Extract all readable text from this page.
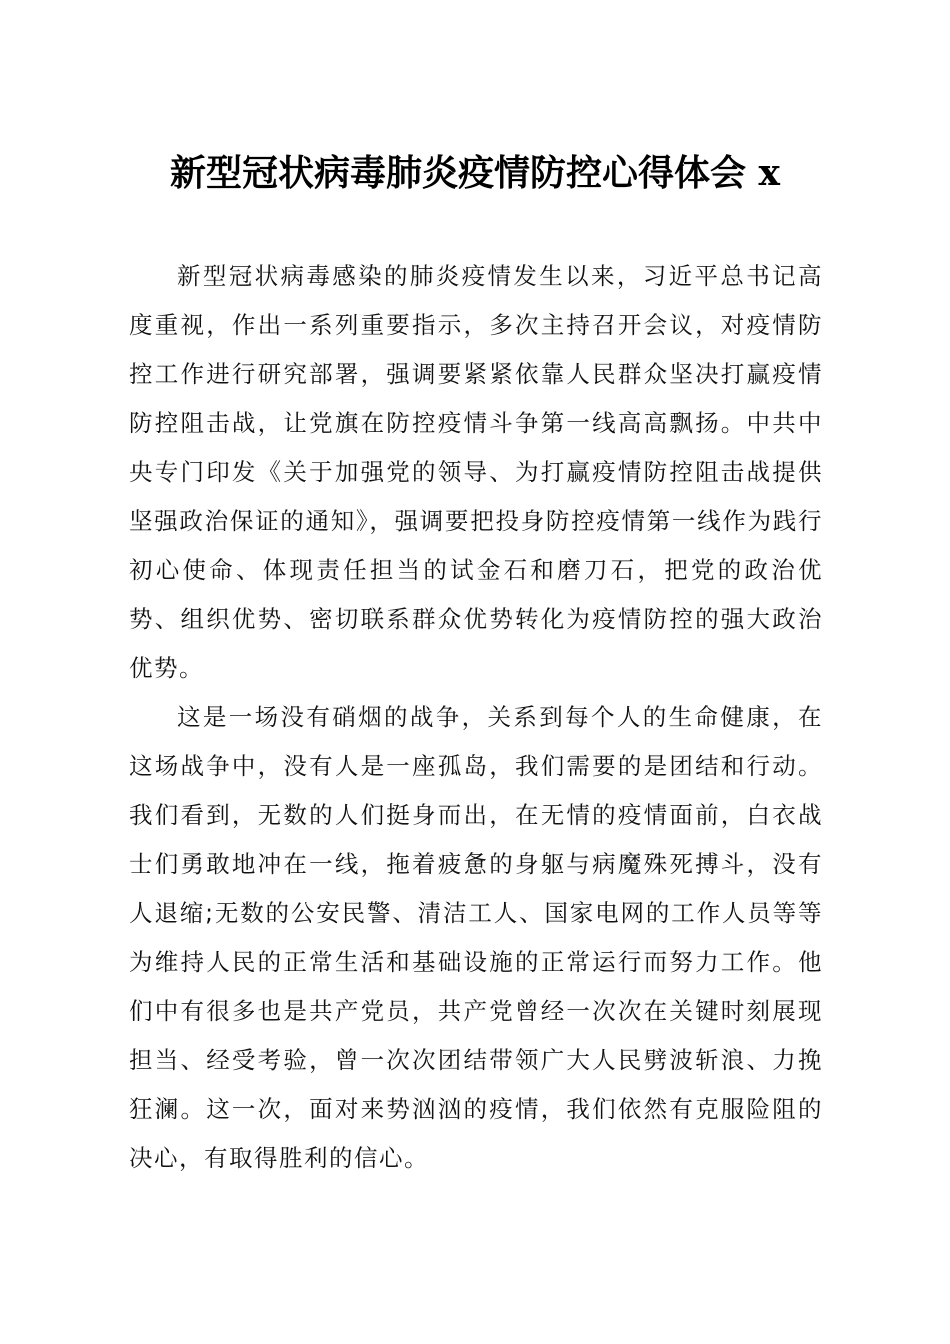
新型冠状病毒肺炎疫情防控心得体会 x

新型冠状病毒感染的肺炎疫情发生以来，习近平总书记高度重视，作出一系列重要指示，多次主持召开会议，对疫情防控工作进行研究部署，强调要紧紧依靠人民群众坚决打赢疫情防控阻击战，让党旗在防控疫情斗争第一线高高飘扬。中共中央专门印发《关于加强党的领导、为打赢疫情防控阻击战提供坚强政治保证的通知》，强调要把投身防控疫情第一线作为践行初心使命、体现责任担当的试金石和磨刀石，把党的政治优势、组织优势、密切联系群众优势转化为疫情防控的强大政治优势。

这是一场没有硝烟的战争，关系到每个人的生命健康，在这场战争中，没有人是一座孤岛，我们需要的是团结和行动。我们看到，无数的人们挺身而出，在无情的疫情面前，白衣战士们勇敢地冲在一线，拖着疲惫的身躯与病魔殊死搏斗，没有人退缩;无数的公安民警、清洁工人、国家电网的工作人员等等为维持人民的正常生活和基础设施的正常运行而努力工作。他们中有很多也是共产党员，共产党曾经一次次在关键时刻展现担当、经受考验，曾一次次团结带领广大人民劈波斩浪、力挽狂澜。这一次，面对来势汹汹的疫情，我们依然有克服险阻的决心，有取得胜利的信心。
